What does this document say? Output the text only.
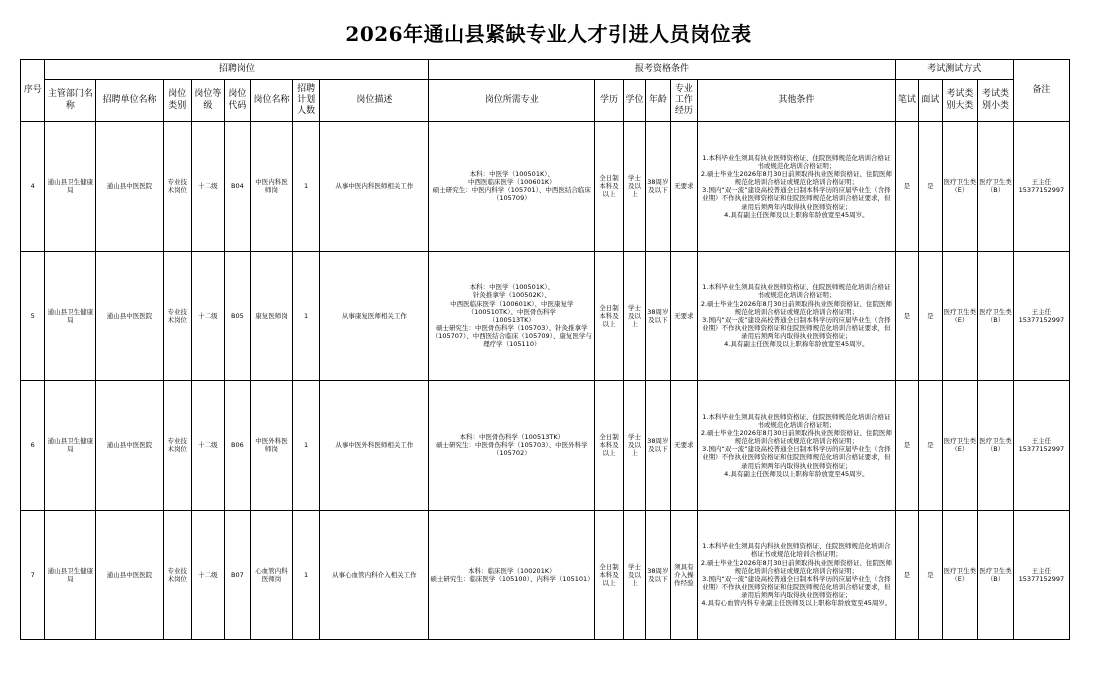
2026年通山县紧缺专业人才引进人员岗位表
序号	招聘岗位								报考资格条件						考试测试方式				备注
	主管部门名称	招聘单位名称	岗位类别	岗位等级	岗位代码	岗位名称	招聘计划人数	岗位描述	岗位所需专业	学历	学位	年龄	专业工作经历	其他条件	笔试	面试	考试类别大类	考试类别小类	
4	通山县卫生健康局	通山县中医医院	专业技术岗位	十二级	B04	中医内科医师岗	1	从事中医内科医师相关工作	本科：中医学（100501K）、
中西医临床医学（100601K）
硕士研究生：中医内科学（105701）、中西医结合临床（105709）	全日制本科及以上	学士及以上	38周岁及以下	无要求	1.本科毕业生须具有执业医师资格证、住院医师规范化培训合格证书或规范化培训合格证明；
2.硕士毕业生2026年8月30日前须取得执业医师资格证、住院医师规范化培训合格证或规范化培训合格证明；
3.国内“双一流”建设高校普通全日制本科学历的应届毕业生（含择业期）不作执业医师资格证和住院医师规范化培训合格证要求，但录用后须两年内取得执业医师资格证；
4.具有副主任医师及以上职称年龄放宽至45周岁。	是	是	医疗卫生类（E）	医疗卫生类（B）	王主任15377152997
5	通山县卫生健康局	通山县中医医院	专业技术岗位	十二级	B05	康复医师岗	1	从事康复医师相关工作	本科：中医学（100501K）、
针灸推拿学（100502K）、
中西医临床医学（100601K）、中医康复学（100510TK）、中医骨伤科学
（100513TK）
硕士研究生：中医骨伤科学（105703）、针灸推拿学（105707）、中西医结合临床（105709）、康复医学与理疗学（105110）	全日制本科及以上	学士及以上	38周岁及以下	无要求	1.本科毕业生须具有执业医师资格证、住院医师规范化培训合格证书或规范化培训合格证明；
2.硕士毕业生2026年8月30日前须取得执业医师资格证、住院医师规范化培训合格证或规范化培训合格证明；
3.国内“双一流”建设高校普通全日制本科学历的应届毕业生（含择业期）不作执业医师资格证和住院医师规范化培训合格证要求，但录用后须两年内取得执业医师资格证；
4.具有副主任医师及以上职称年龄放宽至45周岁。	是	是	医疗卫生类（E）	医疗卫生类（B）	王主任15377152997
6	通山县卫生健康局	通山县中医医院	专业技术岗位	十二级	B06	中医外科医师岗	1	从事中医外科医师相关工作	本科：中医骨伤科学（100513TK）
硕士研究生：中医骨伤科学（105703）、中医外科学（105702）	全日制本科及以上	学士及以上	38周岁及以下	无要求	1.本科毕业生须具有执业医师资格证、住院医师规范化培训合格证书或规范化培训合格证明；
2.硕士毕业生2026年8月30日前须取得执业医师资格证、住院医师规范化培训合格证或规范化培训合格证明；
3.国内“双一流”建设高校普通全日制本科学历的应届毕业生（含择业期）不作执业医师资格证和住院医师规范化培训合格证要求，但录用后须两年内取得执业医师资格证；
4.具有副主任医师及以上职称年龄放宽至45周岁。	是	是	医疗卫生类（E）	医疗卫生类（B）	王主任15377152997
7	通山县卫生健康局	通山县中医医院	专业技术岗位	十二级	B07	心血管内科医师岗	1	从事心血管内科介入相关工作	本科：临床医学（100201K）
硕士研究生：临床医学（105100）、内科学（105101）	全日制本科及以上	学士及以上	38周岁及以下	须具有介入操作经验	1.本科毕业生须具有内科执业医师资格证、住院医师规范化培训合格证书或规范化培训合格证明；
2.硕士毕业生2026年8月30日前须取得执业医师资格证、住院医师规范化培训合格证或规范化培训合格证明；
3.国内“双一流”建设高校普通全日制本科学历的应届毕业生（含择业期）不作执业医师资格证和住院医师规范化培训合格证要求，但录用后须两年内取得执业医师资格证；
4.具有心血管内科专业副主任医师及以上职称年龄放宽至45周岁。	是	是	医疗卫生类（E）	医疗卫生类（B）	王主任15377152997
